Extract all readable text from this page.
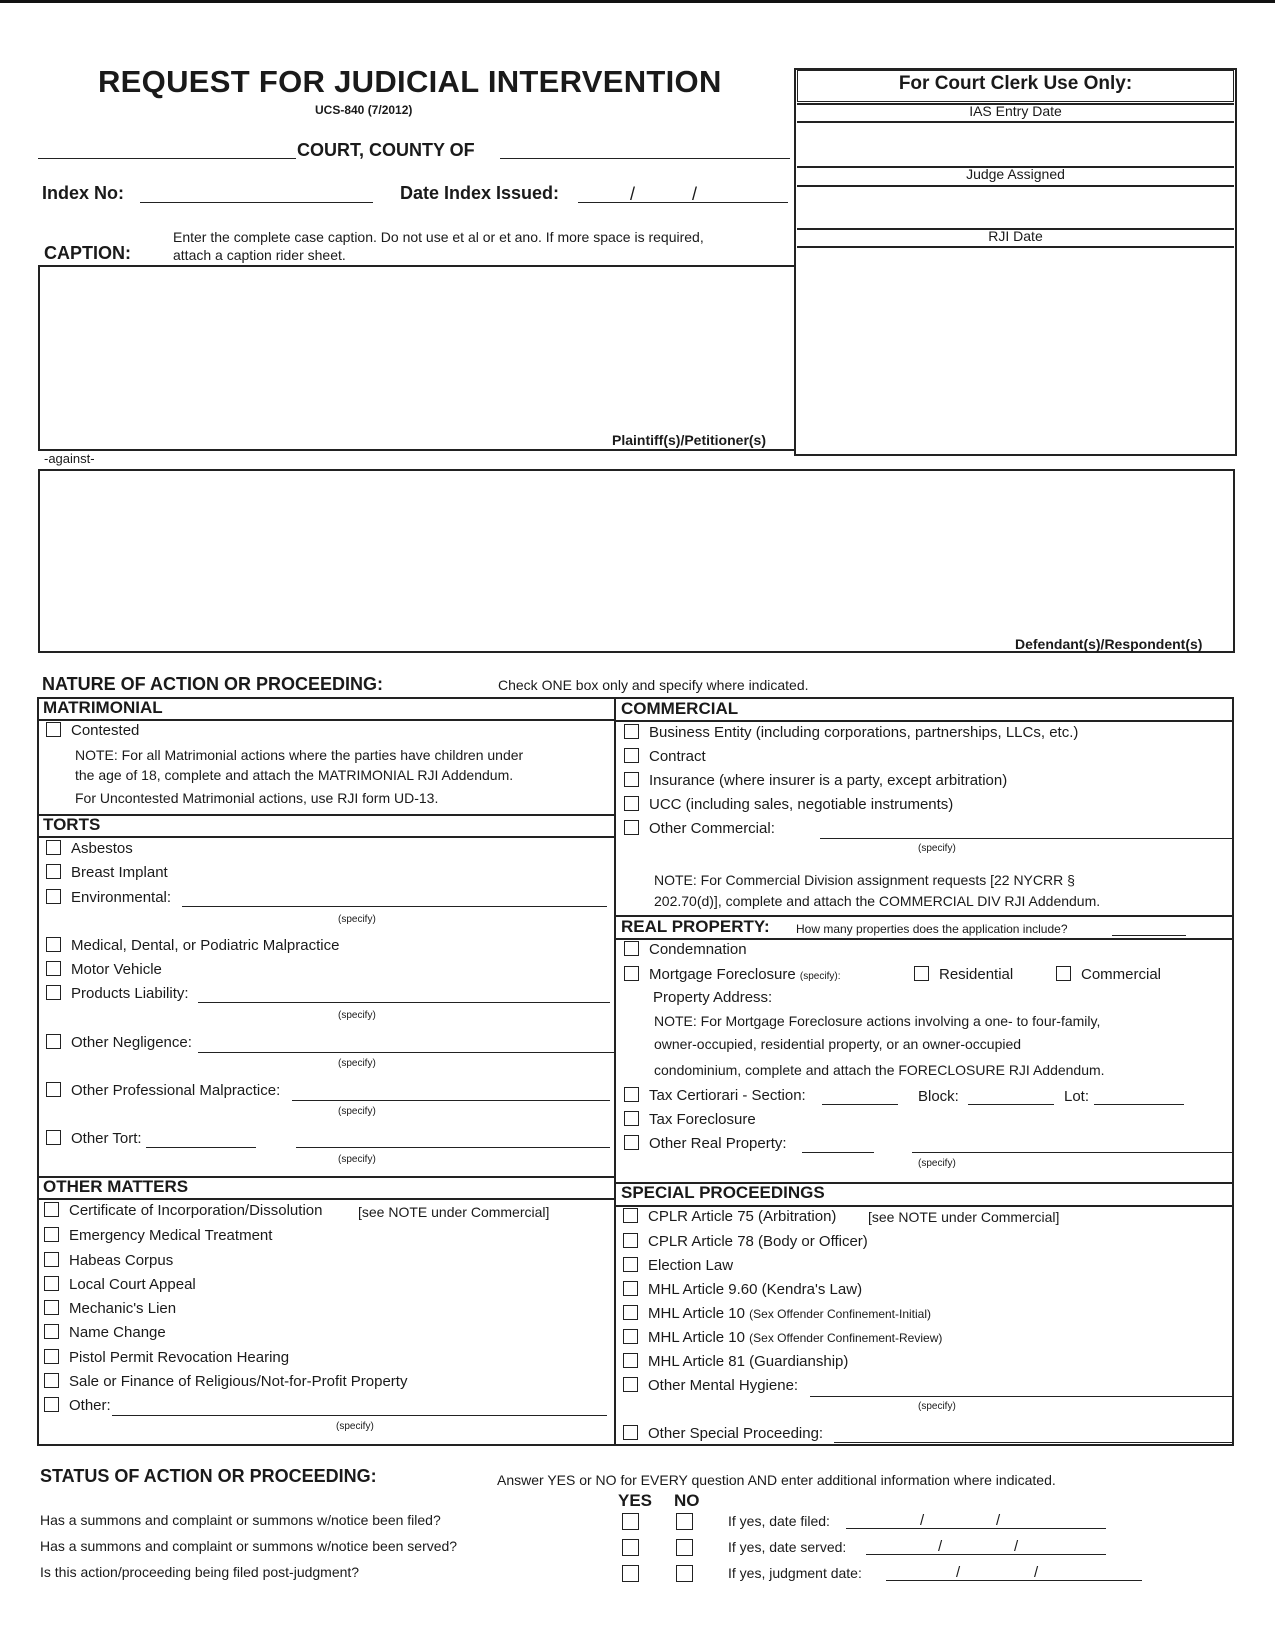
REQUEST FOR JUDICIAL INTERVENTION
UCS-840 (7/2012)
COURT, COUNTY OF
Index No:	Date Index Issued:	/	/
CAPTION:
Enter the complete case caption. Do not use et al or et ano. If more space is required,
attach a caption rider sheet.
Plaintiff(s)/Petitioner(s)
-against-
Defendant(s)/Respondent(s)
For Court Clerk Use Only:
IAS Entry Date
Judge Assigned
RJI Date
NATURE OF ACTION OR PROCEEDING:	Check ONE box only and specify where indicated.
MATRIMONIAL
Contested
NOTE: For all Matrimonial actions where the parties have children under
the age of 18, complete and attach the MATRIMONIAL RJI Addendum.
For Uncontested Matrimonial actions, use RJI form UD-13.
TORTS
Asbestos
Breast Implant
Environmental:
(specify)
Medical, Dental, or Podiatric Malpractice
Motor Vehicle
Products Liability:
(specify)
Other Negligence:
(specify)
Other Professional Malpractice:
(specify)
Other Tort:
(specify)
OTHER MATTERS
Certificate of Incorporation/Dissolution	[see NOTE under Commercial]
Emergency Medical Treatment
Habeas Corpus
Local Court Appeal
Mechanic's Lien
Name Change
Pistol Permit Revocation Hearing
Sale or Finance of Religious/Not-for-Profit Property
Other:
(specify)
COMMERCIAL
Business Entity (including corporations, partnerships, LLCs, etc.)
Contract
Insurance (where insurer is a party, except arbitration)
UCC (including sales, negotiable instruments)
Other Commercial:
(specify)
NOTE: For Commercial Division assignment requests [22 NYCRR §
202.70(d)], complete and attach the COMMERCIAL DIV RJI Addendum.
REAL PROPERTY: How many properties does the application include?
Condemnation
Mortgage Foreclosure (specify):	Residential	Commercial
Property Address:
NOTE: For Mortgage Foreclosure actions involving a one- to four-family,
owner-occupied, residential property, or an owner-occupied
condominium, complete and attach the FORECLOSURE RJI Addendum.
Tax Certiorari - Section:	Block:	Lot:
Tax Foreclosure
Other Real Property:
(specify)
SPECIAL PROCEEDINGS
CPLR Article 75 (Arbitration) [see NOTE under Commercial]
CPLR Article 78 (Body or Officer)
Election Law
MHL Article 9.60 (Kendra's Law)
MHL Article 10 (Sex Offender Confinement-Initial)
MHL Article 10 (Sex Offender Confinement-Review)
MHL Article 81 (Guardianship)
Other Mental Hygiene:
(specify)
Other Special Proceeding:
STATUS OF ACTION OR PROCEEDING:	Answer YES or NO for EVERY question AND enter additional information where indicated.
YES NO
Has a summons and complaint or summons w/notice been filed?	If yes, date filed:	/	/
Has a summons and complaint or summons w/notice been served?	If yes, date served:	/	/
Is this action/proceeding being filed post-judgment?	If yes, judgment date:	/	/
